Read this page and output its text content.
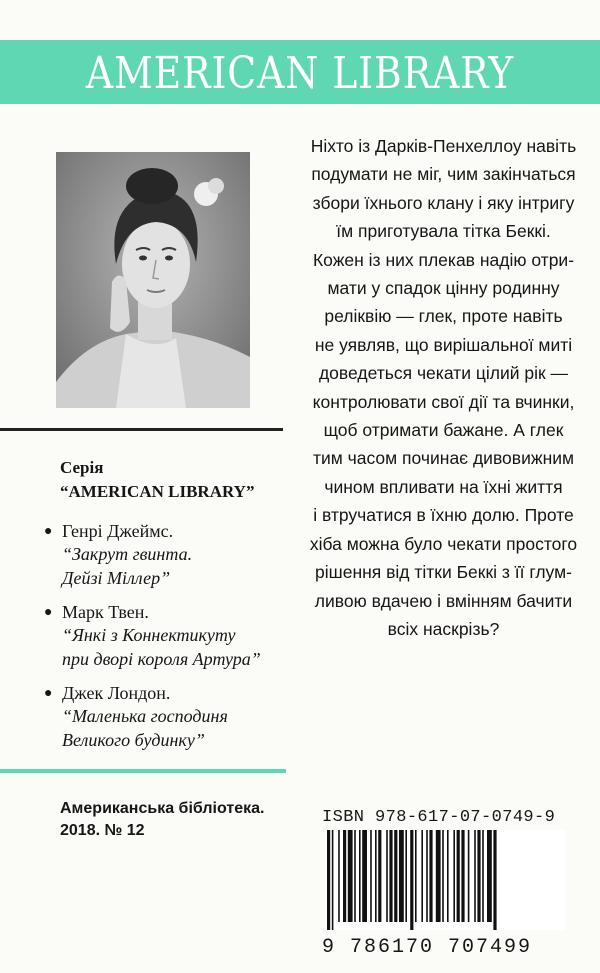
AMERICAN LIBRARY
Серія
“AMERICAN LIBRARY”
● Генрі Джеймс.
“Закрут гвинта.
Дейзі Міллер”
● Марк Твен.
“Янкі з Коннектикуту
при дворі короля Артура”
● Джек Лондон.
“Маленька господиня
Великого будинку”
Американська бібліотека.
2018. № 12
Ніхто із Дарків-Пенхеллоу навіть
подумати не міг, чим закінчаться
збори їхнього клану і яку інтригу
їм приготувала тітка Беккі.
Кожен із них плекав надію отри-
мати у спадок цінну родинну
реліквію — глек, проте навіть
не уявляв, що вирішальної миті
доведеться чекати цілий рік —
контролювати свої дії та вчинки,
щоб отримати бажане. А глек
тим часом починає дивовижним
чином впливати на їхні життя
і втручатися в їхню долю. Проте
хіба можна було чекати простого
рішення від тітки Беккі з її глум-
ливою вдачею і вмінням бачити
всіх наскрізь?
ISBN 978-617-07-0749-9
9 786170 707499
